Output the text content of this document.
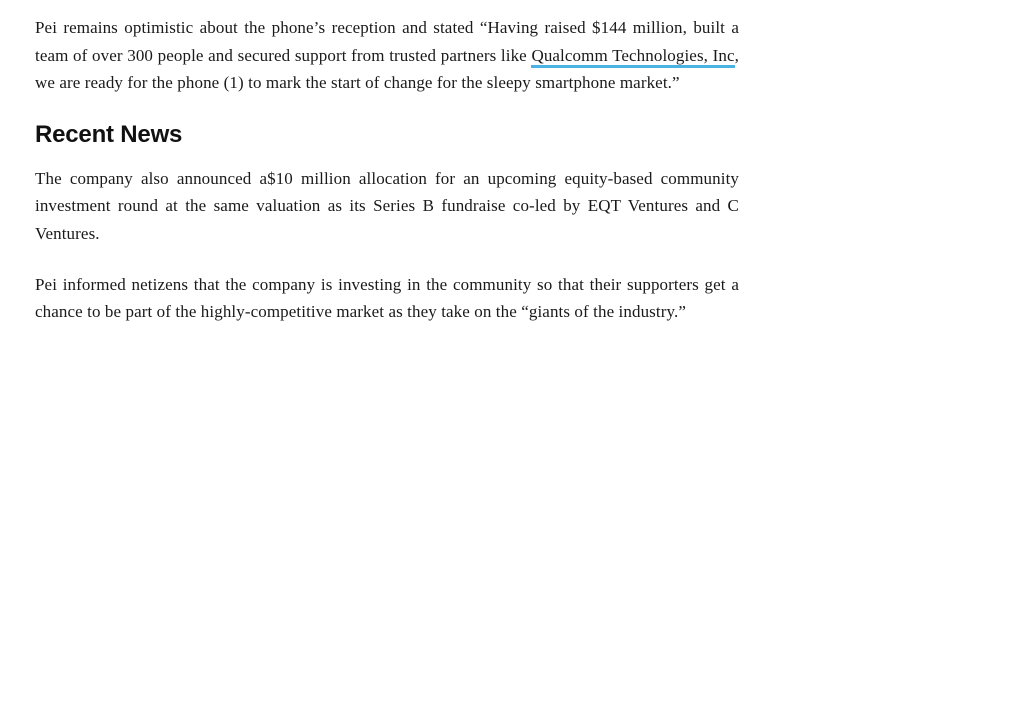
Pei remains optimistic about the phone’s reception and stated “Having raised $144 million, built a team of over 300 people and secured support from trusted partners like Qualcomm Technologies, Inc, we are ready for the phone (1) to mark the start of change for the sleepy smartphone market.”

Recent News

The company also announced a$10 million allocation for an upcoming equity-based community investment round at the same valuation as its Series B fundraise co-led by EQT Ventures and C Ventures.

Pei informed netizens that the company is investing in the community so that their supporters get a chance to be part of the highly-competitive market as they take on the “giants of the industry.”
